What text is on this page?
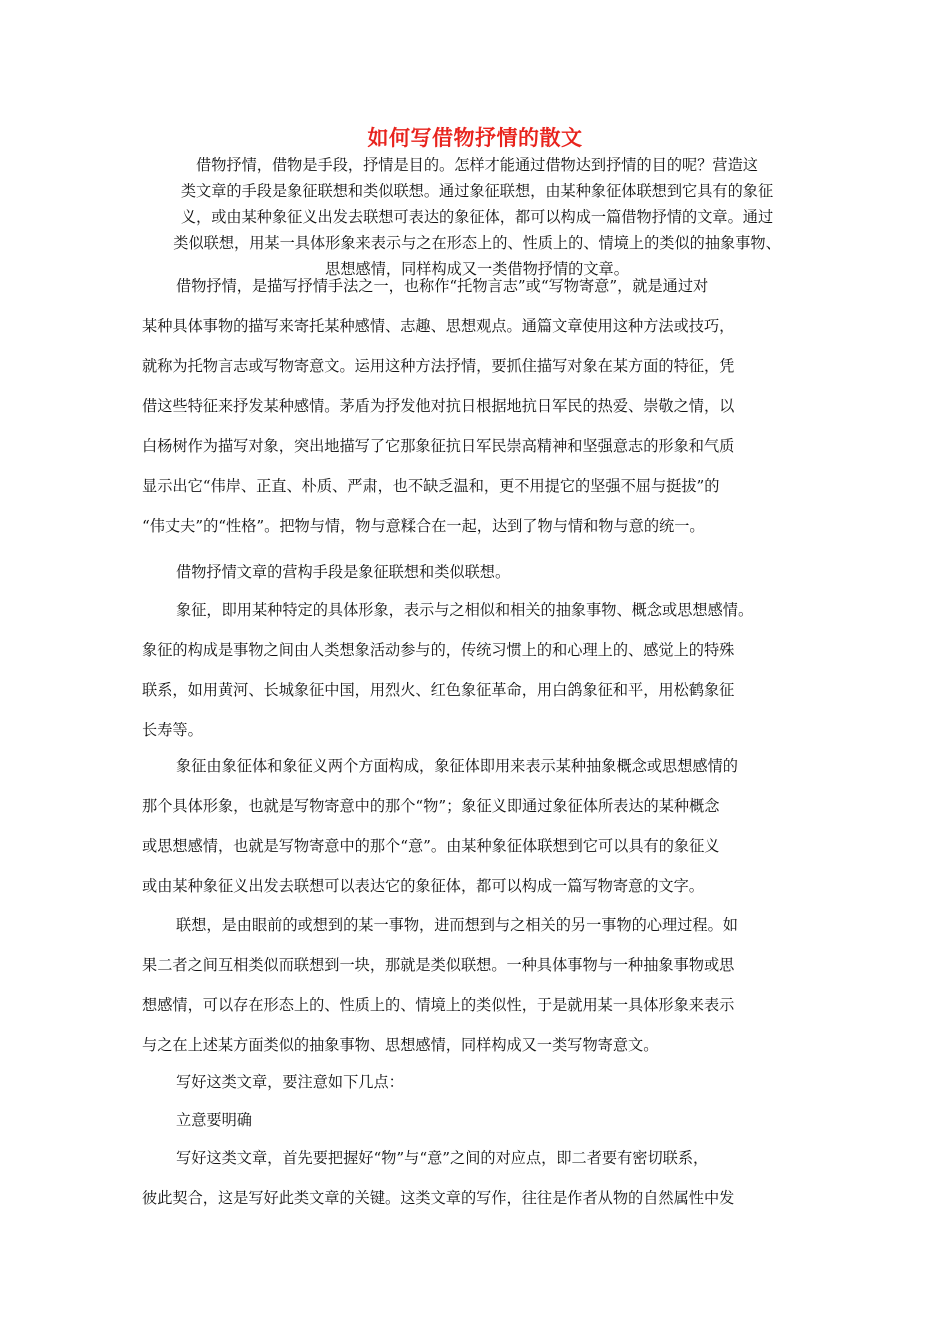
如何写借物抒情的散文
借物抒情，借物是手段，抒情是目的。怎样才能通过借物达到抒情的目的呢？营造这
类文章的手段是象征联想和类似联想。通过象征联想，由某种象征体联想到它具有的象征
义，或由某种象征义出发去联想可表达的象征体，都可以构成一篇借物抒情的文章。通过
类似联想，用某一具体形象来表示与之在形态上的、性质上的、情境上的类似的抽象事物、
思想感情，同样构成又一类借物抒情的文章。
借物抒情，是描写抒情手法之一，也称作“托物言志”或“写物寄意”，就是通过对
某种具体事物的描写来寄托某种感情、志趣、思想观点。通篇文章使用这种方法或技巧，
就称为托物言志或写物寄意文。运用这种方法抒情，要抓住描写对象在某方面的特征，凭
借这些特征来抒发某种感情。茅盾为抒发他对抗日根据地抗日军民的热爱、崇敬之情，以
白杨树作为描写对象，突出地描写了它那象征抗日军民崇高精神和坚强意志的形象和气质
显示出它“伟岸、正直、朴质、严肃，也不缺乏温和，更不用提它的坚强不屈与挺拔”的
“伟丈夫”的“性格”。把物与情，物与意糅合在一起，达到了物与情和物与意的统一。
借物抒情文章的营构手段是象征联想和类似联想。
象征，即用某种特定的具体形象，表示与之相似和相关的抽象事物、概念或思想感情。
象征的构成是事物之间由人类想象活动参与的，传统习惯上的和心理上的、感觉上的特殊
联系，如用黄河、长城象征中国，用烈火、红色象征革命，用白鸽象征和平，用松鹤象征
长寿等。
象征由象征体和象征义两个方面构成，象征体即用来表示某种抽象概念或思想感情的
那个具体形象，也就是写物寄意中的那个“物”；象征义即通过象征体所表达的某种概念
或思想感情，也就是写物寄意中的那个“意”。由某种象征体联想到它可以具有的象征义
或由某种象征义出发去联想可以表达它的象征体，都可以构成一篇写物寄意的文字。
联想，是由眼前的或想到的某一事物，进而想到与之相关的另一事物的心理过程。如
果二者之间互相类似而联想到一块，那就是类似联想。一种具体事物与一种抽象事物或思
想感情，可以存在形态上的、性质上的、情境上的类似性，于是就用某一具体形象来表示
与之在上述某方面类似的抽象事物、思想感情，同样构成又一类写物寄意文。
写好这类文章，要注意如下几点：
立意要明确
写好这类文章，首先要把握好“物”与“意”之间的对应点，即二者要有密切联系，
彼此契合，这是写好此类文章的关键。这类文章的写作，往往是作者从物的自然属性中发
